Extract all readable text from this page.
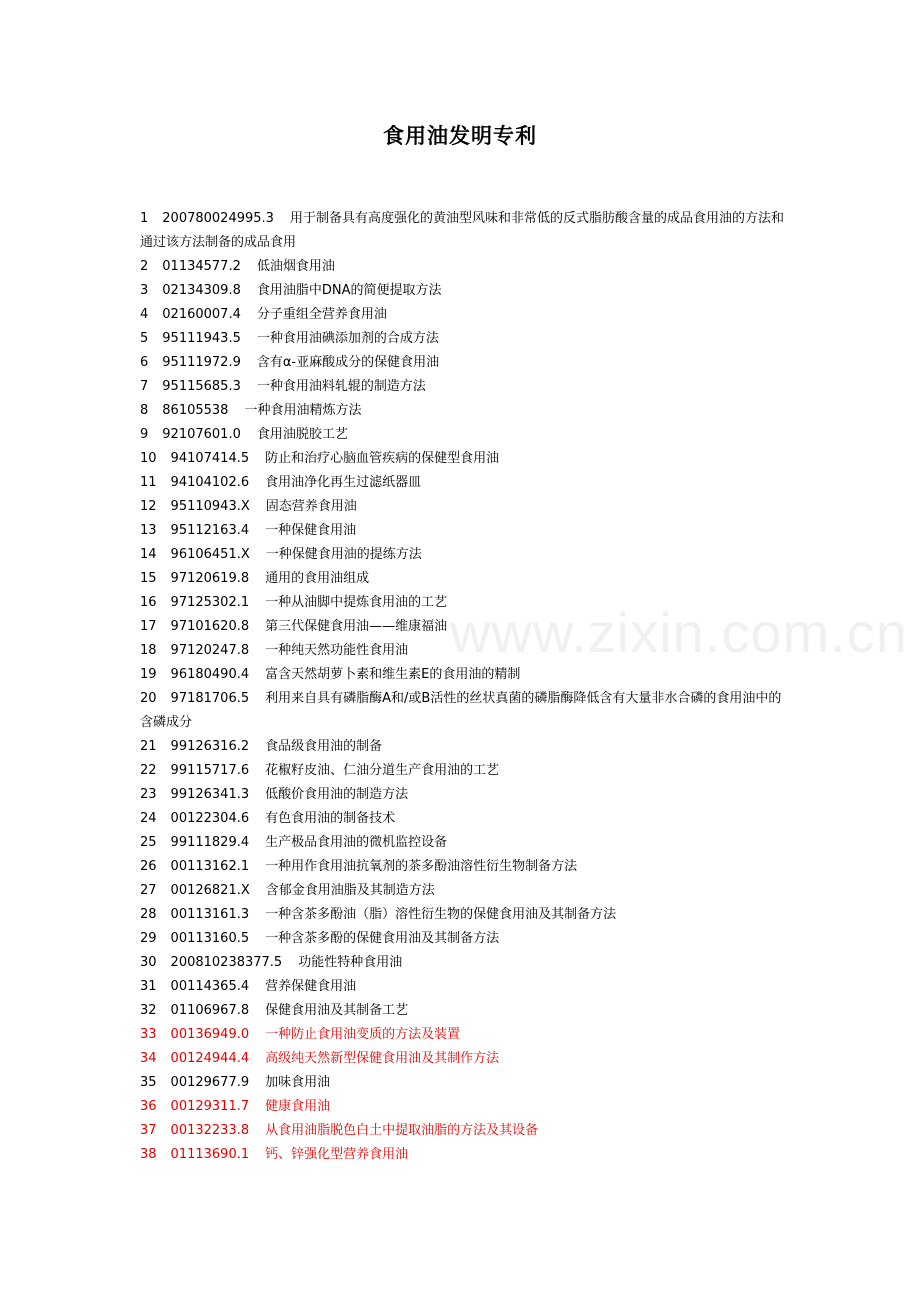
食用油发明专利
www.zixin.com.cn
1 200780024995.3 用于制备具有高度强化的黄油型风味和非常低的反式脂肪酸含量的成品食用油的方法和通过该方法制备的成品食用
2 01134577.2 低油烟食用油
3 02134309.8 食用油脂中DNA的简便提取方法
4 02160007.4 分子重组全营养食用油
5 95111943.5 一种食用油碘添加剂的合成方法
6 95111972.9 含有α-亚麻酸成分的保健食用油
7 95115685.3 一种食用油料轧辊的制造方法
8 86105538 一种食用油精炼方法
9 92107601.0 食用油脱胶工艺
10 94107414.5 防止和治疗心脑血管疾病的保健型食用油
11 94104102.6 食用油净化再生过滤纸器皿
12 95110943.X 固态营养食用油
13 95112163.4 一种保健食用油
14 96106451.X 一种保健食用油的提练方法
15 97120619.8 通用的食用油组成
16 97125302.1 一种从油脚中提炼食用油的工艺
17 97101620.8 第三代保健食用油——维康福油
18 97120247.8 一种纯天然功能性食用油
19 96180490.4 富含天然胡萝卜素和维生素E的食用油的精制
20 97181706.5 利用来自具有磷脂酶A和/或B活性的丝状真菌的磷脂酶降低含有大量非水合磷的食用油中的含磷成分
21 99126316.2 食品级食用油的制备
22 99115717.6 花椒籽皮油、仁油分道生产食用油的工艺
23 99126341.3 低酸价食用油的制造方法
24 00122304.6 有色食用油的制备技术
25 99111829.4 生产极品食用油的微机监控设备
26 00113162.1 一种用作食用油抗氧剂的茶多酚油溶性衍生物制备方法
27 00126821.X 含郁金食用油脂及其制造方法
28 00113161.3 一种含茶多酚油（脂）溶性衍生物的保健食用油及其制备方法
29 00113160.5 一种含茶多酚的保健食用油及其制备方法
30 200810238377.5 功能性特种食用油
31 00114365.4 营养保健食用油
32 01106967.8 保健食用油及其制备工艺
33 00136949.0 一种防止食用油变质的方法及装置
34 00124944.4 高级纯天然新型保健食用油及其制作方法
35 00129677.9 加味食用油
36 00129311.7 健康食用油
37 00132233.8 从食用油脂脱色白土中提取油脂的方法及其设备
38 01113690.1 钙、锌强化型营养食用油
